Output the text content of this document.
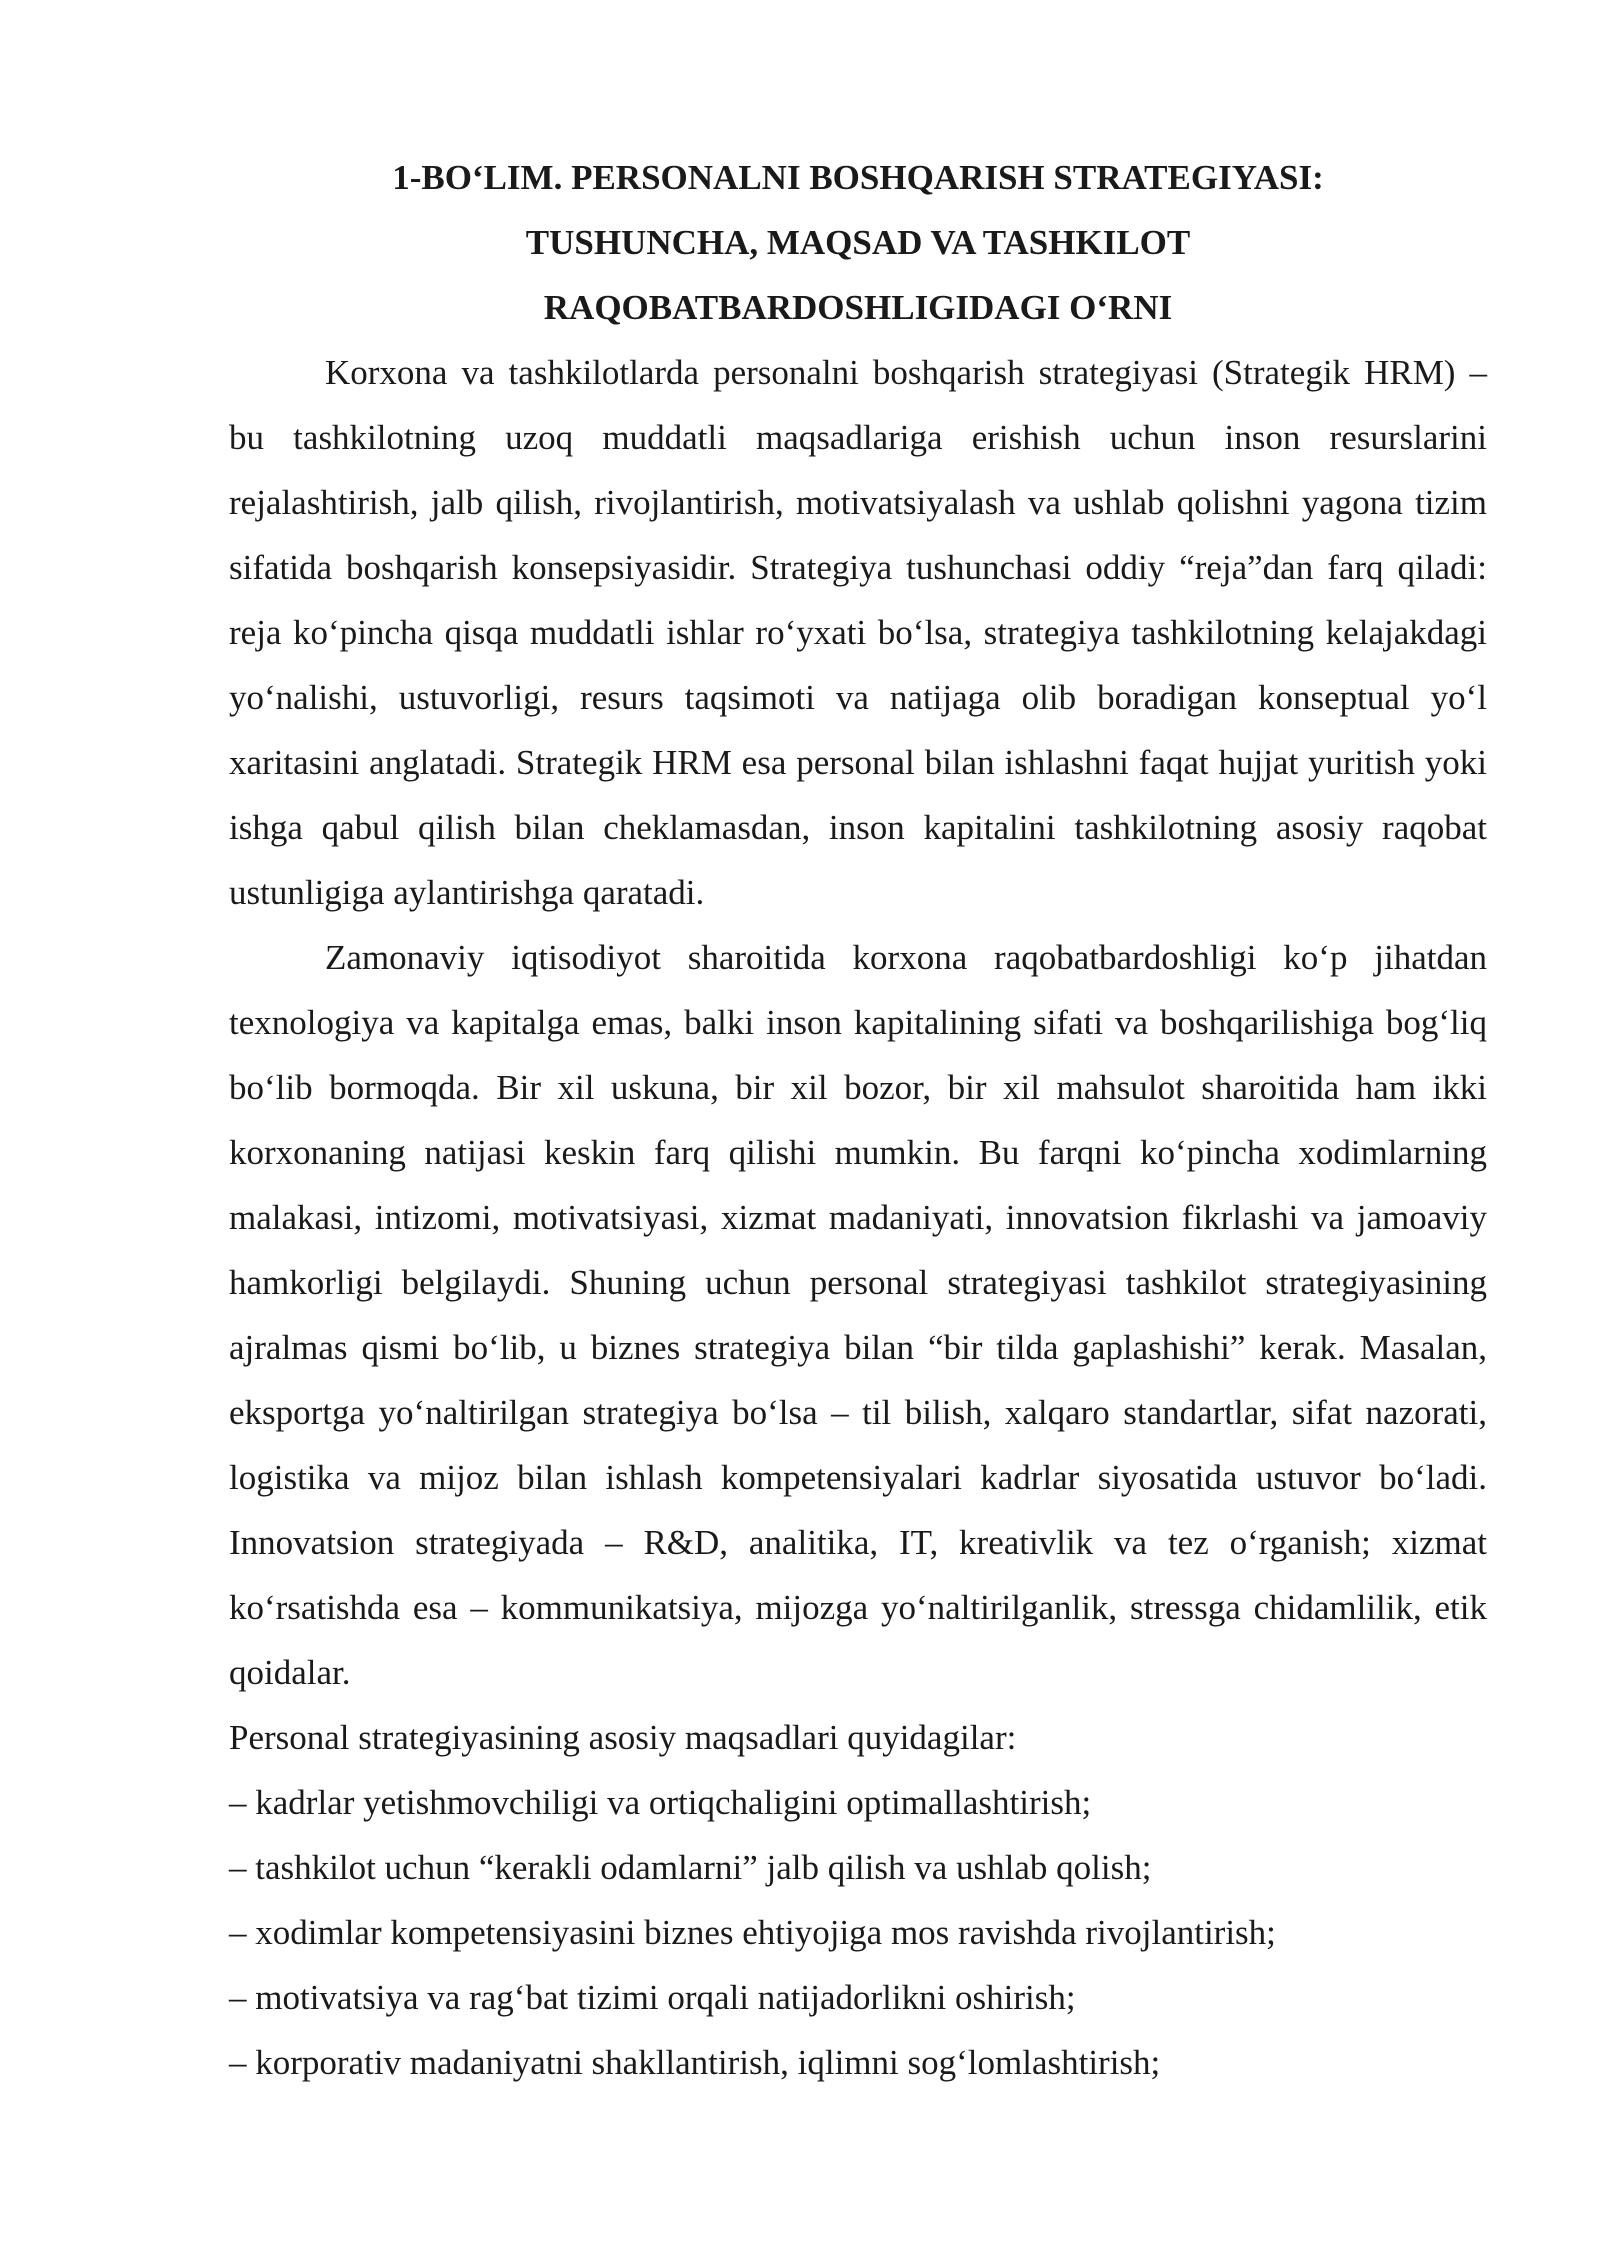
1-BO‘LIM. PERSONALNI BOSHQARISH STRATEGIYASI:
TUSHUNCHA, MAQSAD VA TASHKILOT
RAQOBATBARDOSHLIGIDAGI O‘RNI

Korxona va tashkilotlarda personalni boshqarish strategiyasi (Strategik HRM) – bu tashkilotning uzoq muddatli maqsadlariga erishish uchun inson resurslarini rejalashtirish, jalb qilish, rivojlantirish, motivatsiyalash va ushlab qolishni yagona tizim sifatida boshqarish konsepsiyasidir. Strategiya tushunchasi oddiy “reja”dan farq qiladi: reja ko‘pincha qisqa muddatli ishlar ro‘yxati bo‘lsa, strategiya tashkilotning kelajakdagi yo‘nalishi, ustuvorligi, resurs taqsimoti va natijaga olib boradigan konseptual yo‘l xaritasini anglatadi. Strategik HRM esa personal bilan ishlashni faqat hujjat yuritish yoki ishga qabul qilish bilan cheklamasdan, inson kapitalini tashkilotning asosiy raqobat ustunligiga aylantirishga qaratadi.

Zamonaviy iqtisodiyot sharoitida korxona raqobatbardoshligi ko‘p jihatdan texnologiya va kapitalga emas, balki inson kapitalining sifati va boshqarilishiga bog‘liq bo‘lib bormoqda. Bir xil uskuna, bir xil bozor, bir xil mahsulot sharoitida ham ikki korxonaning natijasi keskin farq qilishi mumkin. Bu farqni ko‘pincha xodimlarning malakasi, intizomi, motivatsiyasi, xizmat madaniyati, innovatsion fikrlashi va jamoaviy hamkorligi belgilaydi. Shuning uchun personal strategiyasi tashkilot strategiyasining ajralmas qismi bo‘lib, u biznes strategiya bilan “bir tilda gaplashishi” kerak. Masalan, eksportga yo‘naltirilgan strategiya bo‘lsa – til bilish, xalqaro standartlar, sifat nazorati, logistika va mijoz bilan ishlash kompetensiyalari kadrlar siyosatida ustuvor bo‘ladi. Innovatsion strategiyada – R&D, analitika, IT, kreativlik va tez o‘rganish; xizmat ko‘rsatishda esa – kommunikatsiya, mijozga yo‘naltirilganlik, stressga chidamlilik, etik qoidalar.

Personal strategiyasining asosiy maqsadlari quyidagilar:

– kadrlar yetishmovchiligi va ortiqchaligini optimallashtirish;
– tashkilot uchun “kerakli odamlarni” jalb qilish va ushlab qolish;
– xodimlar kompetensiyasini biznes ehtiyojiga mos ravishda rivojlantirish;
– motivatsiya va rag‘bat tizimi orqali natijadorlikni oshirish;
– korporativ madaniyatni shakllantirish, iqlimni sog‘lomlashtirish;
